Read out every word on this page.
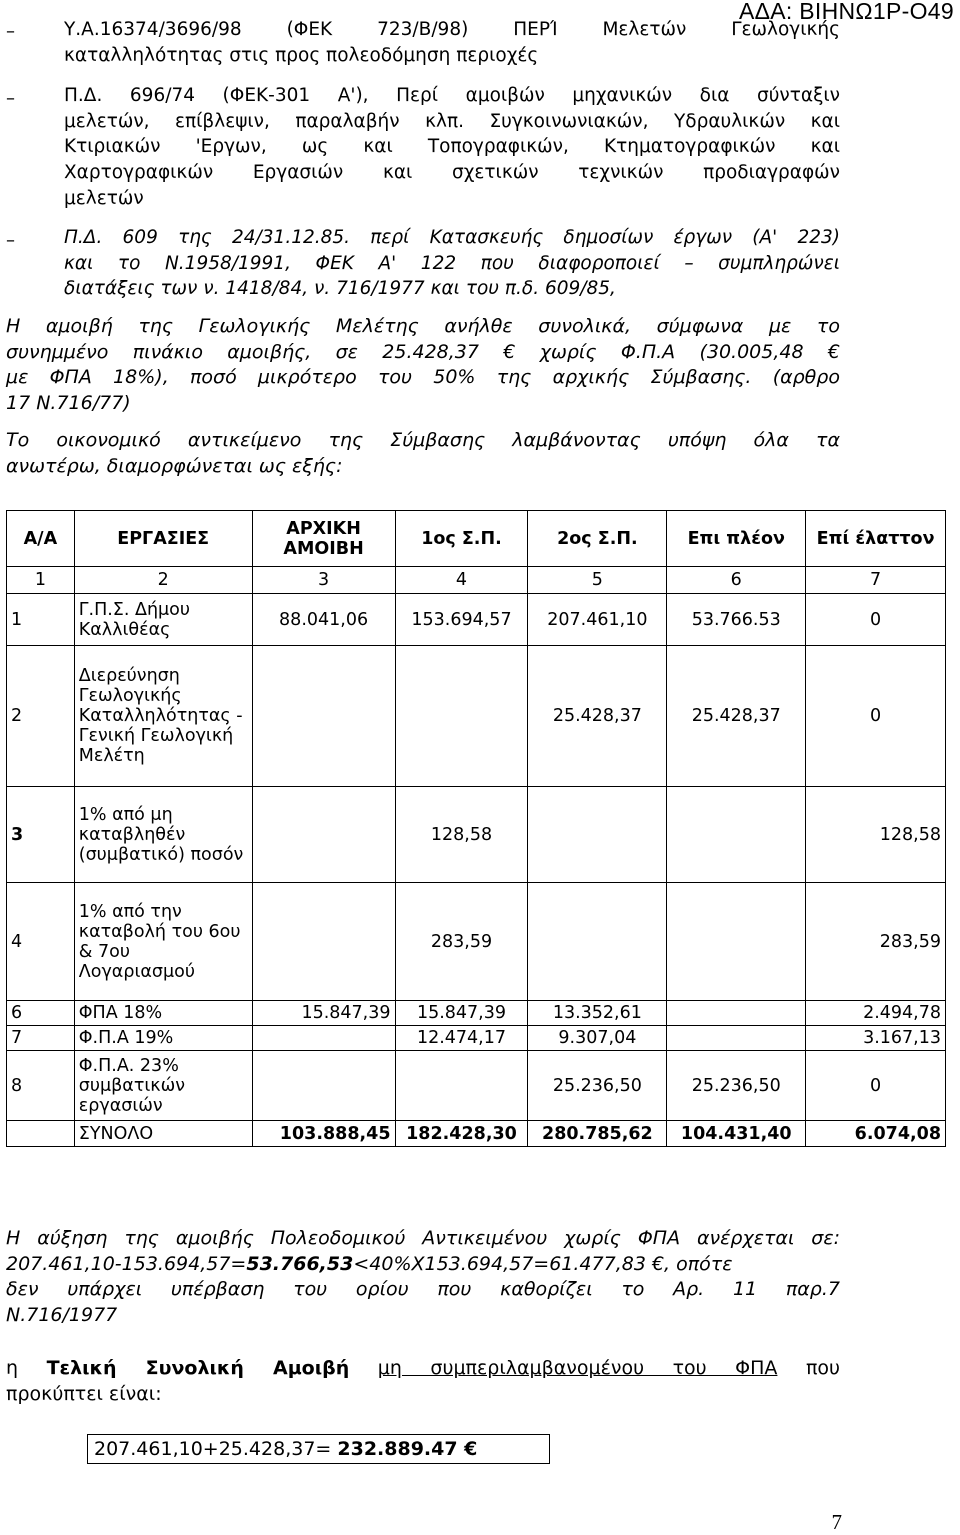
ΑΔΑ: ΒΙΗΝΩ1Ρ-Ο49
–	Υ.Α.16374/3696/98 (ΦΕΚ 723/Β/98) ΠΕΡΊ Μελετών Γεωλογικής
καταλληλότητας στις προς πολεοδόμηση περιοχές
–	Π.Δ. 696/74 (ΦΕΚ-301 Α'), Περί αμοιβών μηχανικών δια σύνταξιν
μελετών, επίβλεψιν, παραλαβήν κλπ. Συγκοινωνιακών, Υδραυλικών και
Κτιριακών 'Εργων, ως και Τοπογραφικών, Κτηματογραφικών και
Χαρτογραφικών Εργασιών και σχετικών τεχνικών προδιαγραφών
μελετών
–	Π.Δ. 609 της 24/31.12.85. περί Κατασκευής δημοσίων έργων (Α' 223)
και το Ν.1958/1991, ΦΕΚ Α' 122 που διαφοροποιεί – συμπληρώνει
διατάξεις των ν. 1418/84, ν. 716/1977 και του π.δ. 609/85,
Η αμοιβή της Γεωλογικής Μελέτης ανήλθε συνολικά, σύμφωνα με το
συνημμένο πινάκιο αμοιβής, σε 25.428,37 € χωρίς Φ.Π.Α (30.005,48 €
με ΦΠΑ 18%), ποσό μικρότερο του 50% της αρχικής Σύμβασης. (αρθρο
17 Ν.716/77)
Το οικονομικό αντικείμενο της Σύμβασης λαμβάνοντας υπόψη όλα τα
ανωτέρω, διαμορφώνεται ως εξής:
Α/Α	ΕΡΓΑΣΙΕΣ	ΑΡΧΙΚΗ ΑΜΟΙΒΗ	1ος Σ.Π.	2ος Σ.Π.	Επι πλέον	Επί έλαττον
1	2	3	4	5	6	7
1	Γ.Π.Σ. Δήμου Καλλιθέας	88.041,06	153.694,57	207.461,10	53.766.53	0
2	Διερεύνηση Γεωλογικής Καταλληλότητας - Γενική Γεωλογική Μελέτη			25.428,37	25.428,37	0
3	1% από μη καταβληθέν (συμβατικό) ποσόν		128,58			128,58
4	1% από την καταβολή του 6ου & 7ου Λογαριασμού		283,59			283,59
6	ΦΠΑ 18%	15.847,39	15.847,39	13.352,61		2.494,78
7	Φ.Π.Α 19%		12.474,17	9.307,04		3.167,13
8	Φ.Π.Α. 23% συμβατικών εργασιών			25.236,50	25.236,50	0
	ΣΥΝΟΛΟ	103.888,45	182.428,30	280.785,62	104.431,40	6.074,08
Η αύξηση της αμοιβής Πολεοδομικού Αντικειμένου χωρίς ΦΠΑ ανέρχεται σε:
207.461,10-153.694,57=53.766,53<40%Χ153.694,57=61.477,83 €, οπότε
δεν υπάρχει υπέρβαση του ορίου που καθορίζει το Αρ. 11 παρ.7
Ν.716/1977
η Τελική Συνολική Αμοιβή μη συμπεριλαμβανομένου του ΦΠΑ που
προκύπτει είναι:
207.461,10+25.428,37= 232.889.47 €
7
